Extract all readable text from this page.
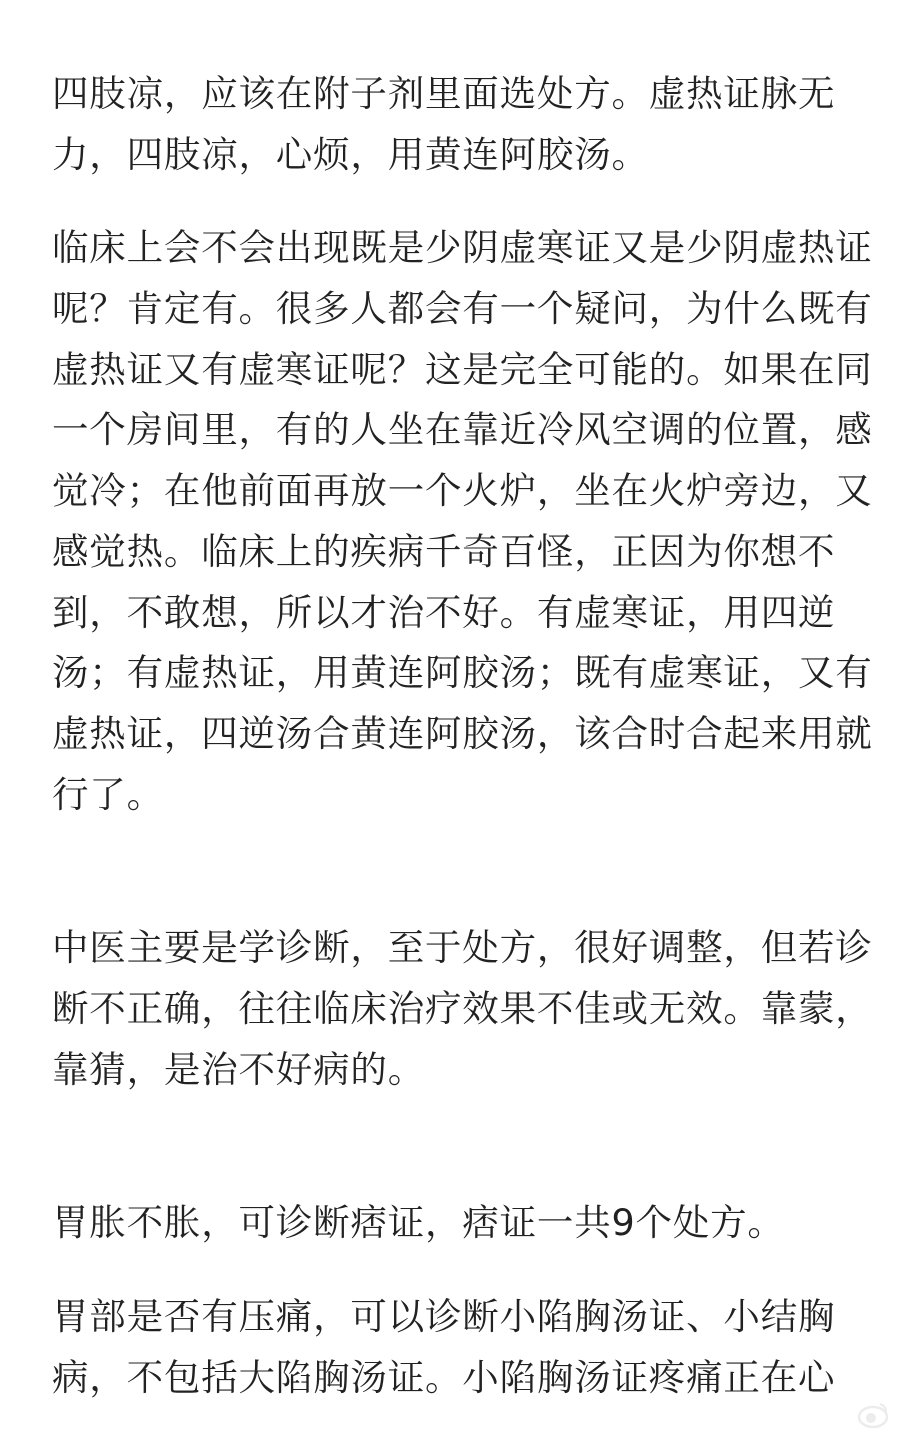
四肢凉，应该在附子剂里面选处方。虚热证脉无
力，四肢凉，心烦，用黄连阿胶汤。

临床上会不会出现既是少阴虚寒证又是少阴虚热证
呢？肯定有。很多人都会有一个疑问，为什么既有
虚热证又有虚寒证呢？这是完全可能的。如果在同
一个房间里，有的人坐在靠近冷风空调的位置，感
觉冷；在他前面再放一个火炉，坐在火炉旁边，又
感觉热。临床上的疾病千奇百怪，正因为你想不
到，不敢想，所以才治不好。有虚寒证，用四逆
汤；有虚热证，用黄连阿胶汤；既有虚寒证，又有
虚热证，四逆汤合黄连阿胶汤，该合时合起来用就
行了。

中医主要是学诊断，至于处方，很好调整，但若诊
断不正确，往往临床治疗效果不佳或无效。靠蒙，
靠猜，是治不好病的。

胃胀不胀，可诊断痞证，痞证一共9个处方。

胃部是否有压痛，可以诊断小陷胸汤证、小结胸
病，不包括大陷胸汤证。小陷胸汤证疼痛正在心
